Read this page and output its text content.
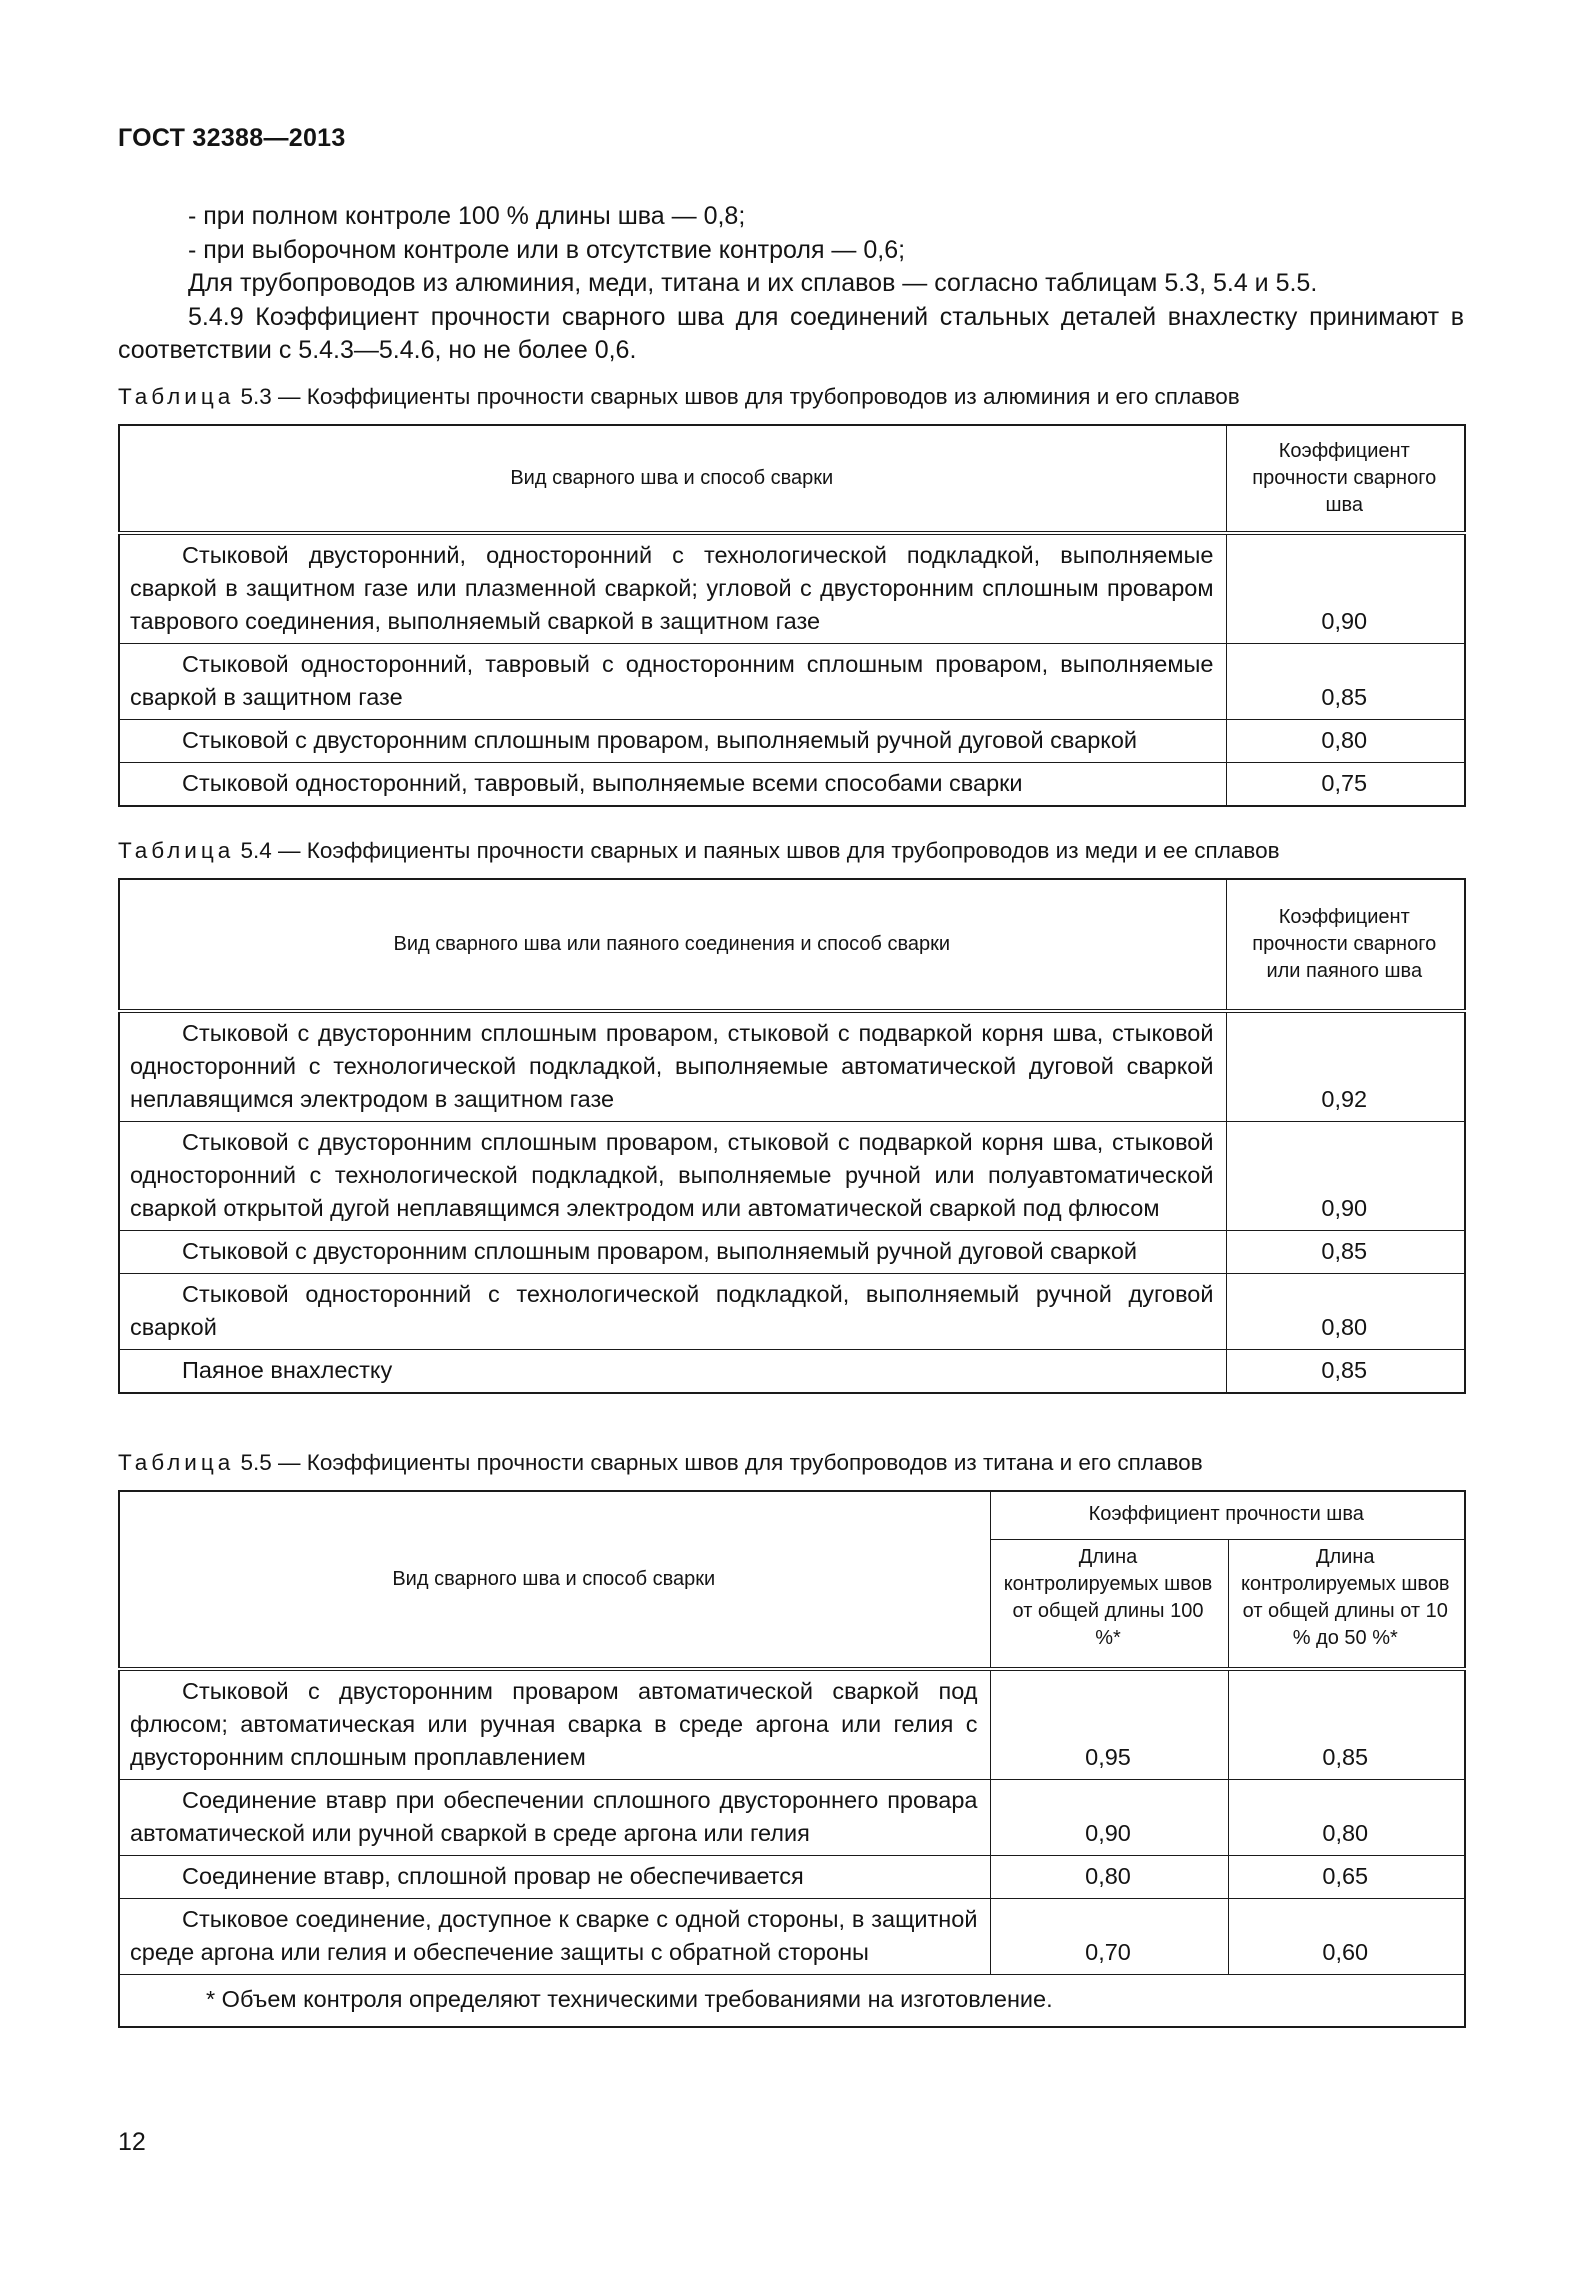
ГОСТ 32388—2013

- при полном контроле 100 % длины шва — 0,8;

- при выборочном контроле или в отсутствие контроля — 0,6;

Для трубопроводов из алюминия, меди, титана и их сплавов — согласно таблицам 5.3, 5.4 и 5.5.

5.4.9 Коэффициент прочности сварного шва для соединений стальных деталей внахлестку принимают в соответствии с 5.4.3—5.4.6, но не более 0,6.

Таблица 5.3 — Коэффициенты прочности сварных швов для трубопроводов из алюминия и его сплавов
Вид сварного шва и способ сварки	Коэффициент прочности сварного шва

Стыковой двусторонний, односторонний с технологической подкладкой, выполняемые сваркой в защитном газе или плазменной сваркой; угловой с двусторонним сплошным проваром таврового соединения, выполняемый сваркой в защитном газе	0,90

Стыковой односторонний, тавровый с односторонним сплошным проваром, выполняемые сваркой в защитном газе	0,85

Стыковой с двусторонним сплошным проваром, выполняемый ручной дуговой сваркой	0,80

Стыковой односторонний, тавровый, выполняемые всеми способами сварки	0,75
Таблица 5.4 — Коэффициенты прочности сварных и паяных швов для трубопроводов из меди и ее сплавов
Вид сварного шва или паяного соединения и способ сварки	Коэффициент прочности сварного или паяного шва

Стыковой с двусторонним сплошным проваром, стыковой с подваркой корня шва, стыковой односторонний с технологической подкладкой, выполняемые автоматической дуговой сваркой неплавящимся электродом в защитном газе	0,92

Стыковой с двусторонним сплошным проваром, стыковой с подваркой корня шва, стыковой односторонний с технологической подкладкой, выполняемые ручной или полуавтоматической сваркой открытой дугой неплавящимся электродом или автоматической сваркой под флюсом	0,90

Стыковой с двусторонним сплошным проваром, выполняемый ручной дуговой сваркой	0,85

Стыковой односторонний с технологической подкладкой, выполняемый ручной дуговой сваркой	0,80

Паяное внахлестку	0,85
Таблица 5.5 — Коэффициенты прочности сварных швов для трубопроводов из титана и его сплавов
Вид сварного шва и способ сварки	Коэффициент прочности шва	
	Длина контролируемых швов от общей длины 100 %*	Длина контролируемых швов от общей длины от 10 % до 50 %*

Стыковой с двусторонним проваром автоматической сваркой под флюсом; автоматическая или ручная сварка в среде аргона или гелия с двусторонним сплошным проплавлением	0,95	0,85

Соединение втавр при обеспечении сплошного двустороннего провара автоматической или ручной сваркой в среде аргона или гелия	0,90	0,80

Соединение втавр, сплошной провар не обеспечивается	0,80	0,65

Стыковое соединение, доступное к сварке с одной стороны, в защитной среде аргона или гелия и обеспечение защиты с обратной стороны	0,70	0,60
* Объем контроля определяют техническими требованиями на изготовление.		
12
